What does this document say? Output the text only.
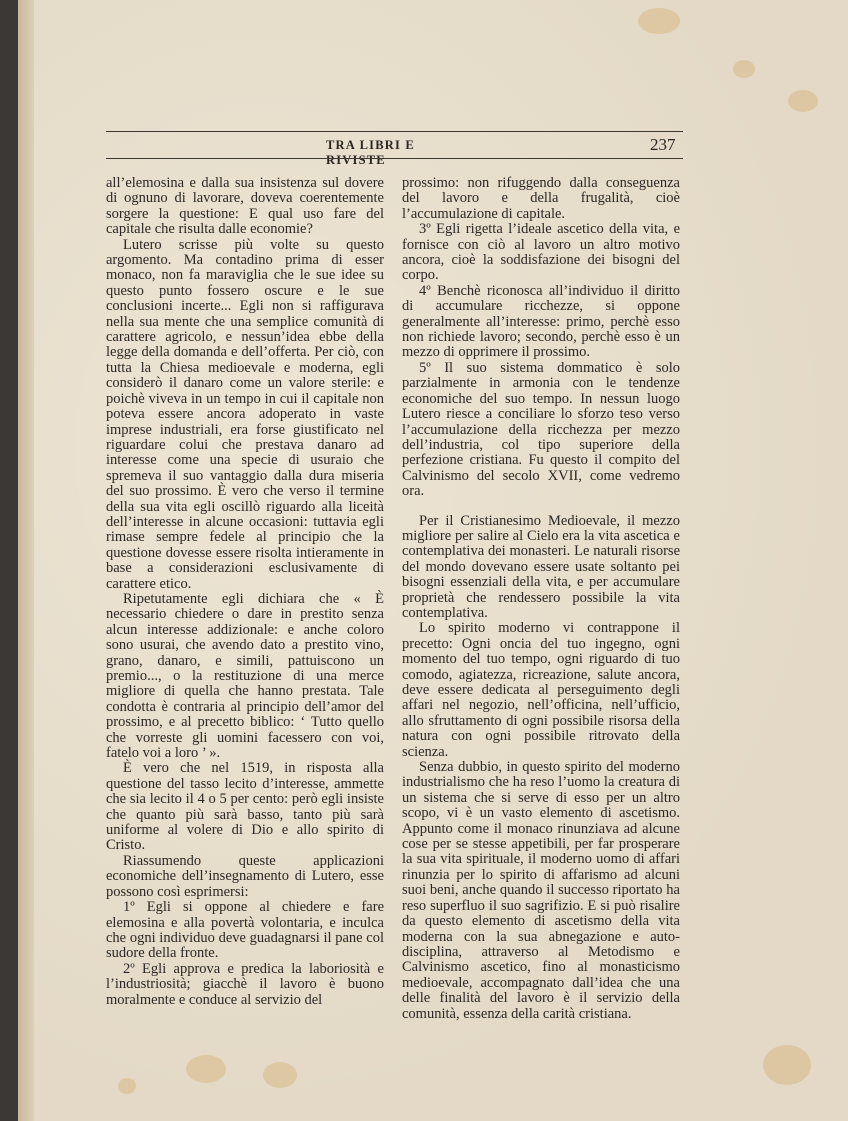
TRA LIBRI E RIVISTE
237

all’elemosina e dalla sua insistenza sul dovere di ognuno di lavorare, doveva coerentemente sorgere la questione: E qual uso fare del capitale che risulta dalle economie?

Lutero scrisse più volte su questo argomento. Ma contadino prima di esser monaco, non fa maraviglia che le sue idee su questo punto fossero oscure e le sue conclusioni incerte... Egli non si raffigurava nella sua mente che una semplice comunità di carattere agricolo, e nessun’idea ebbe della legge della domanda e dell’offerta. Per ciò, con tutta la Chiesa medioevale e moderna, egli considerò il danaro come un valore sterile: e poichè viveva in un tempo in cui il capitale non poteva essere ancora adoperato in vaste imprese industriali, era forse giustificato nel riguardare colui che prestava danaro ad interesse come una specie di usuraio che spremeva il suo vantaggio dalla dura miseria del suo prossimo. È vero che verso il termine della sua vita egli oscillò riguardo alla liceità dell’interesse in alcune occasioni: tuttavia egli rimase sempre fedele al principio che la questione dovesse essere risolta intieramente in base a considerazioni esclusivamente di carattere etico.

Ripetutamente egli dichiara che « È necessario chiedere o dare in prestito senza alcun interesse addizionale: e anche coloro sono usurai, che avendo dato a prestito vino, grano, danaro, e simili, pattuiscono un premio..., o la restituzione di una merce migliore di quella che hanno prestata. Tale condotta è contraria al principio dell’amor del prossimo, e al precetto biblico: ‘ Tutto quello che vorreste gli uomini facessero con voi, fatelo voi a loro ’ ».

È vero che nel 1519, in risposta alla questione del tasso lecito d’interesse, ammette che sia lecito il 4 o 5 per cento: però egli insiste che quanto più sarà basso, tanto più sarà uniforme al volere di Dio e allo spirito di Cristo.

Riassumendo queste applicazioni economiche dell’insegnamento di Lutero, esse possono così esprimersi:

1º Egli si oppone al chiedere e fare elemosina e alla povertà volontaria, e inculca che ogni individuo deve guadagnarsi il pane col sudore della fronte.

2º Egli approva e predica la laboriosità e l’industriosità; giacchè il lavoro è buono moralmente e conduce al servizio del

prossimo: non rifuggendo dalla conseguenza del lavoro e della frugalità, cioè l’accumulazione di capitale.

3º Egli rigetta l’ideale ascetico della vita, e fornisce con ciò al lavoro un altro motivo ancora, cioè la soddisfazione dei bisogni del corpo.

4º Benchè riconosca all’individuo il diritto di accumulare ricchezze, si oppone generalmente all’interesse: primo, perchè esso non richiede lavoro; secondo, perchè esso è un mezzo di opprimere il prossimo.

5º Il suo sistema dommatico è solo parzialmente in armonia con le tendenze economiche del suo tempo. In nessun luogo Lutero riesce a conciliare lo sforzo teso verso l’accumulazione della ricchezza per mezzo dell’industria, col tipo superiore della perfezione cristiana. Fu questo il compito del Calvinismo del secolo XVII, come vedremo ora.

Per il Cristianesimo Medioevale, il mezzo migliore per salire al Cielo era la vita ascetica e contemplativa dei monasteri. Le naturali risorse del mondo dovevano essere usate soltanto pei bisogni essenziali della vita, e per accumulare proprietà che rendessero possibile la vita contemplativa.

Lo spirito moderno vi contrappone il precetto: Ogni oncia del tuo ingegno, ogni momento del tuo tempo, ogni riguardo di tuo comodo, agiatezza, ricreazione, salute ancora, deve essere dedicata al perseguimento degli affari nel negozio, nell’officina, nell’ufficio, allo sfruttamento di ogni possibile risorsa della natura con ogni possibile ritrovato della scienza.

Senza dubbio, in questo spirito del moderno industrialismo che ha reso l’uomo la creatura di un sistema che si serve di esso per un altro scopo, vi è un vasto elemento di ascetismo. Appunto come il monaco rinunziava ad alcune cose per se stesse appetibili, per far prosperare la sua vita spirituale, il moderno uomo di affari rinunzia per lo spirito di affarismo ad alcuni suoi beni, anche quando il successo riportato ha reso superfluo il suo sagrifizio. E si può risalire da questo elemento di ascetismo della vita moderna con la sua abnegazione e auto-disciplina, attraverso al Metodismo e Calvinismo ascetico, fino al monasticismo medioevale, accompagnato dall’idea che una delle finalità del lavoro è il servizio della comunità, essenza della carità cristiana.
